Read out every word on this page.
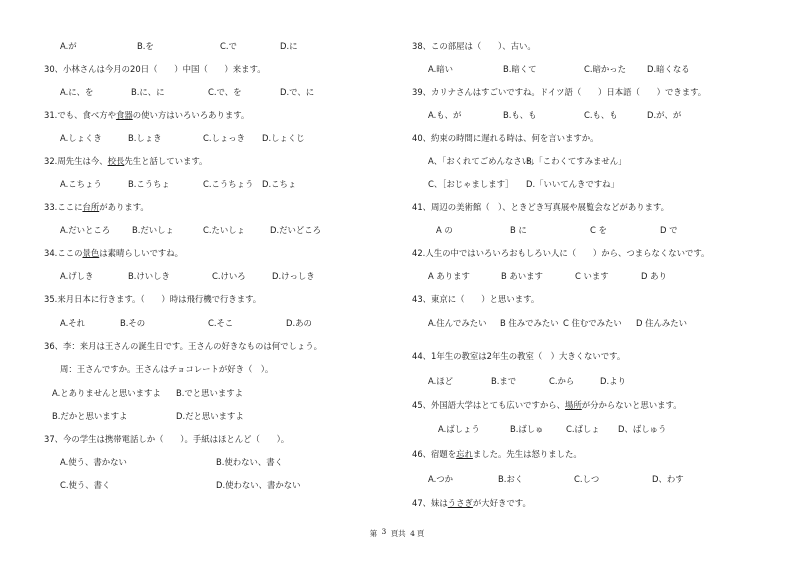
A.が	B.を	C.で	D.に
30、小林さんは今月の20日（　　）中国（　　）来ます。
A.に、を	B.に、に	C.で、を	D.で、に
31.でも、食べ方や食器の使い方はいろいろあります。
A.しょくき	B.しょき	C.しょっき D.しょくじ
32.周先生は今、校長先生と話しています。
A.こちょう	B.こうちょ	C.こうちょう D.こちょ
33.ここに台所があります。
A.だいところ	B.だいしょ	C.たいしょ	D.だいどころ
34.ここの景色は素晴らしいですね。
A.げしき	B.けいしき	C.けいろ	D.けっしき
35.来月日本に行きます。（　　）時は飛行機で行きます。
A.それ	B.その	C.そこ	D.あの
36、李：来月は王さんの誕生日です。王さんの好きなものは何でしょう。
周：王さんですか。王さんはチョコレートが好き（　）。
A.とありませんと思いますよ B.でと思いますよ
B.だかと思いますよ	D.だと思いますよ
37、今の学生は携帯電話しか（　　）。手紙はほとんど（　　）。
A.使う、書かない	B.使わない、書く
C.使う、書く	D.使わない、書かない
38、この部屋は（　　）、古い。
A.暗い	B.暗くて	C.暗かった D.暗くなる
39、カリナさんはすごいですね。ドイツ語（　　）日本語（　　）できます。
A.も、が	B.も、も	C.も、も	D.が、が
40、約束の時間に遅れる時は、何を言いますか。
A、「おくれてごめんなさい」
B.「こわくてすみません」
C、［おじゃまします］ D.「いいてんきですね」
41、周辺の美術館（　）、ときどき写真展や展覧会などがあります。
A の	B に	C を	D で
42.人生の中ではいろいろおもしろい人に（　　）から、つまらなくないです。
A あります	B あいます	C います	D あり
43、東京に（　　）と思います。
A.住んでみたい B 住みでみたい C 住むでみたい D 住んみたい
44、1年生の教室は2年生の教室（　）大きくないです。
A.ほど	B.まで	C.から	D.より
45、外国語大学はとても広いですから、場所が分からないと思います。
A.ばしょう	B.ばしゅ	C.ばしょ D、ばしゅう
46、宿題を忘れました。先生は怒りました。
A.つか	B.おく	C.しつ	D、わす
47、妹はうさぎが大好きです。
第 3 頁共 4 頁
